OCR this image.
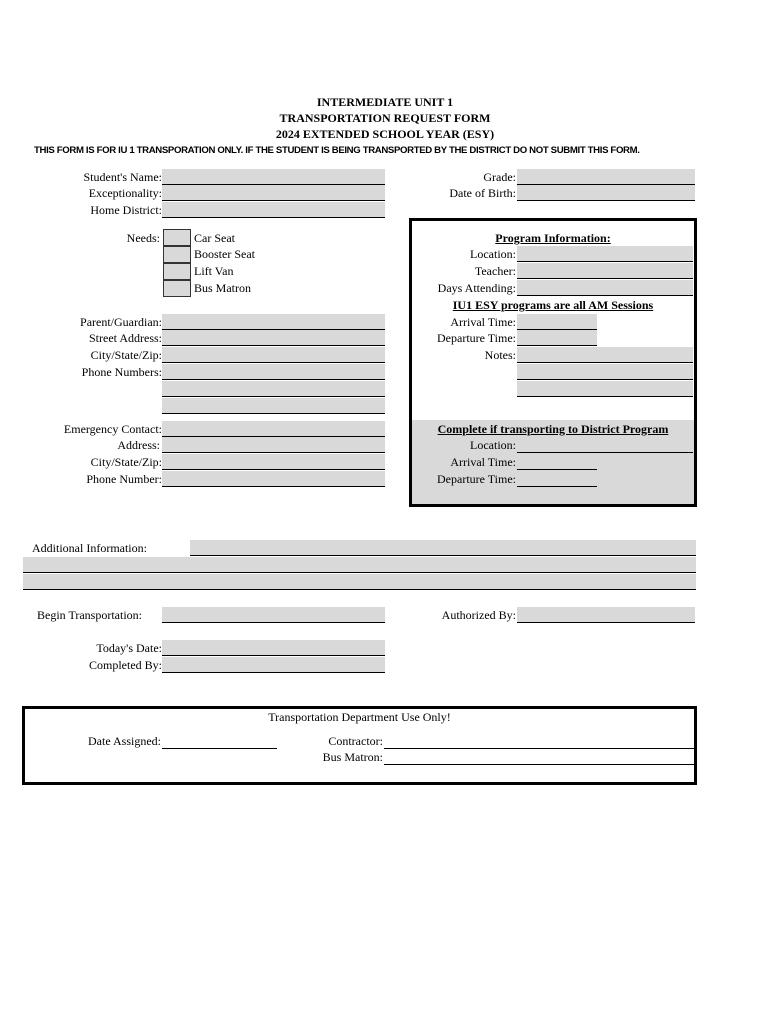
INTERMEDIATE UNIT 1
TRANSPORTATION REQUEST FORM
2024 EXTENDED SCHOOL YEAR (ESY)
THIS FORM IS FOR IU 1 TRANSPORATION ONLY. IF THE STUDENT IS BEING TRANSPORTED BY THE DISTRICT DO NOT SUBMIT THIS FORM.
Student's Name:
Exceptionality:
Home District:
Grade:
Date of Birth:
Needs:	Car Seat
Booster Seat
Lift Van
Bus Matron
Parent/Guardian:
Street Address:
City/State/Zip:
Phone Numbers:
Emergency Contact:
Address:
City/State/Zip:
Phone Number:
Program Information:
Location:
Teacher:
Days Attending:
IU1 ESY programs are all AM Sessions
Arrival Time:
Departure Time:
Notes:
Complete if transporting to District Program
Location:
Arrival Time:
Departure Time:
Additional Information:
Begin Transportation:	Authorized By:
Today's Date:
Completed By:
Transportation Department Use Only!
Date Assigned:	Contractor:
Bus Matron:
